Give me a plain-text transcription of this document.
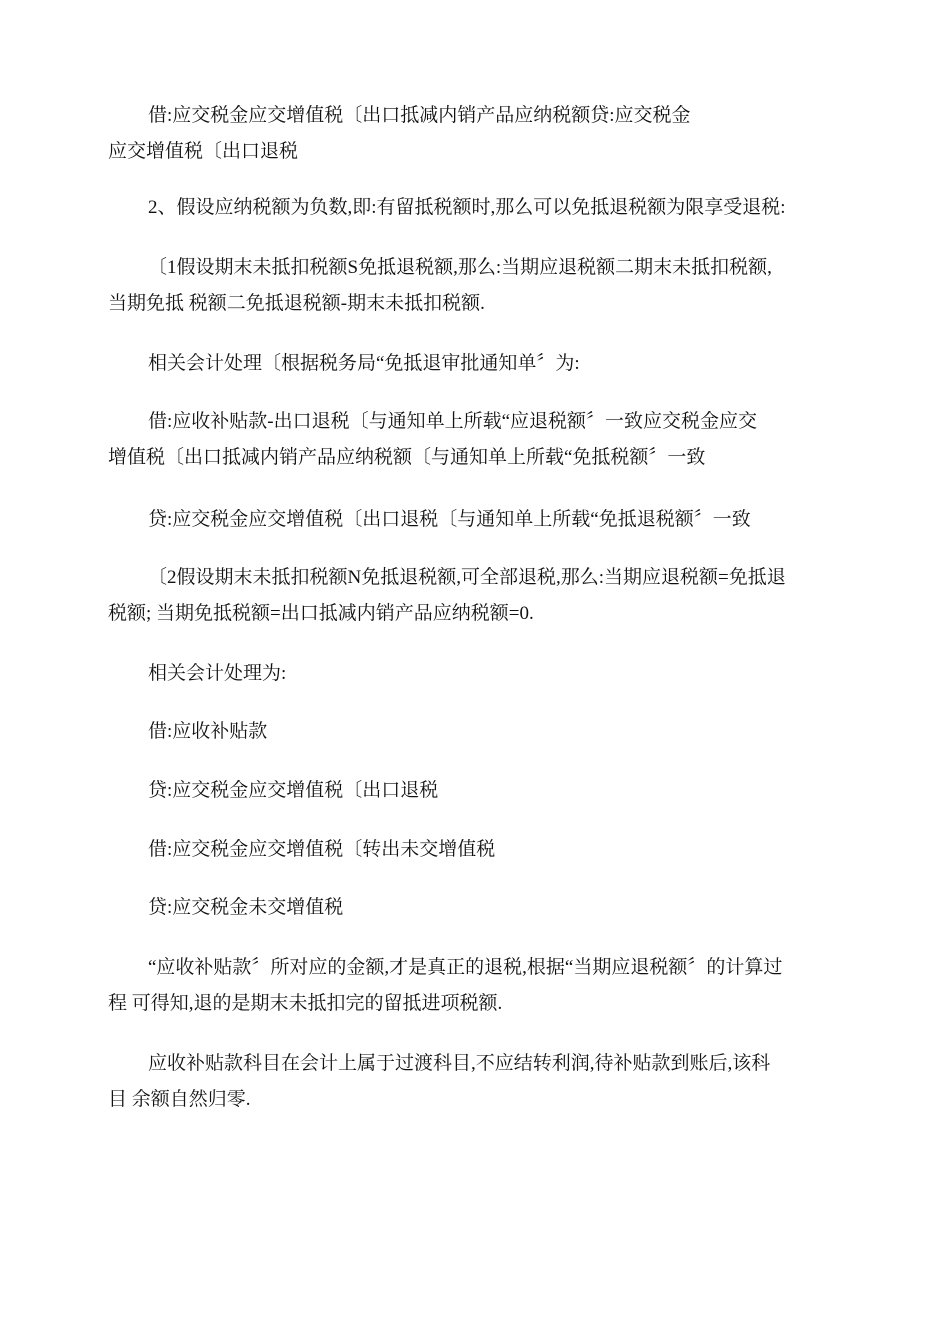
借:应交税金应交增值税〔出口抵减内销产品应纳税额贷:应交税金
应交增值税〔出口退税

2、假设应纳税额为负数,即:有留抵税额时,那么可以免抵退税额为限享受退税:

〔1假设期末未抵扣税额S免抵退税额,那么:当期应退税额二期末未抵扣税额,
当期免抵 税额二免抵退税额-期末未抵扣税额.

相关会计处理〔根据税务局“免抵退审批通知单〞为:

借:应收补贴款-出口退税〔与通知单上所载“应退税额〞一致应交税金应交
增值税〔出口抵减内销产品应纳税额〔与通知单上所载“免抵税额〞一致

贷:应交税金应交增值税〔出口退税〔与通知单上所载“免抵退税额〞一致

〔2假设期末未抵扣税额N免抵退税额,可全部退税,那么:当期应退税额=免抵退
税额; 当期免抵税额=出口抵减内销产品应纳税额=0.

相关会计处理为:

借:应收补贴款

贷:应交税金应交增值税〔出口退税

借:应交税金应交增值税〔转出未交增值税

贷:应交税金未交增值税

“应收补贴款〞所对应的金额,才是真正的退税,根据“当期应退税额〞的计算过
程 可得知,退的是期末未抵扣完的留抵进项税额.

应收补贴款科目在会计上属于过渡科目,不应结转利润,待补贴款到账后,该科
目 余额自然归零.
